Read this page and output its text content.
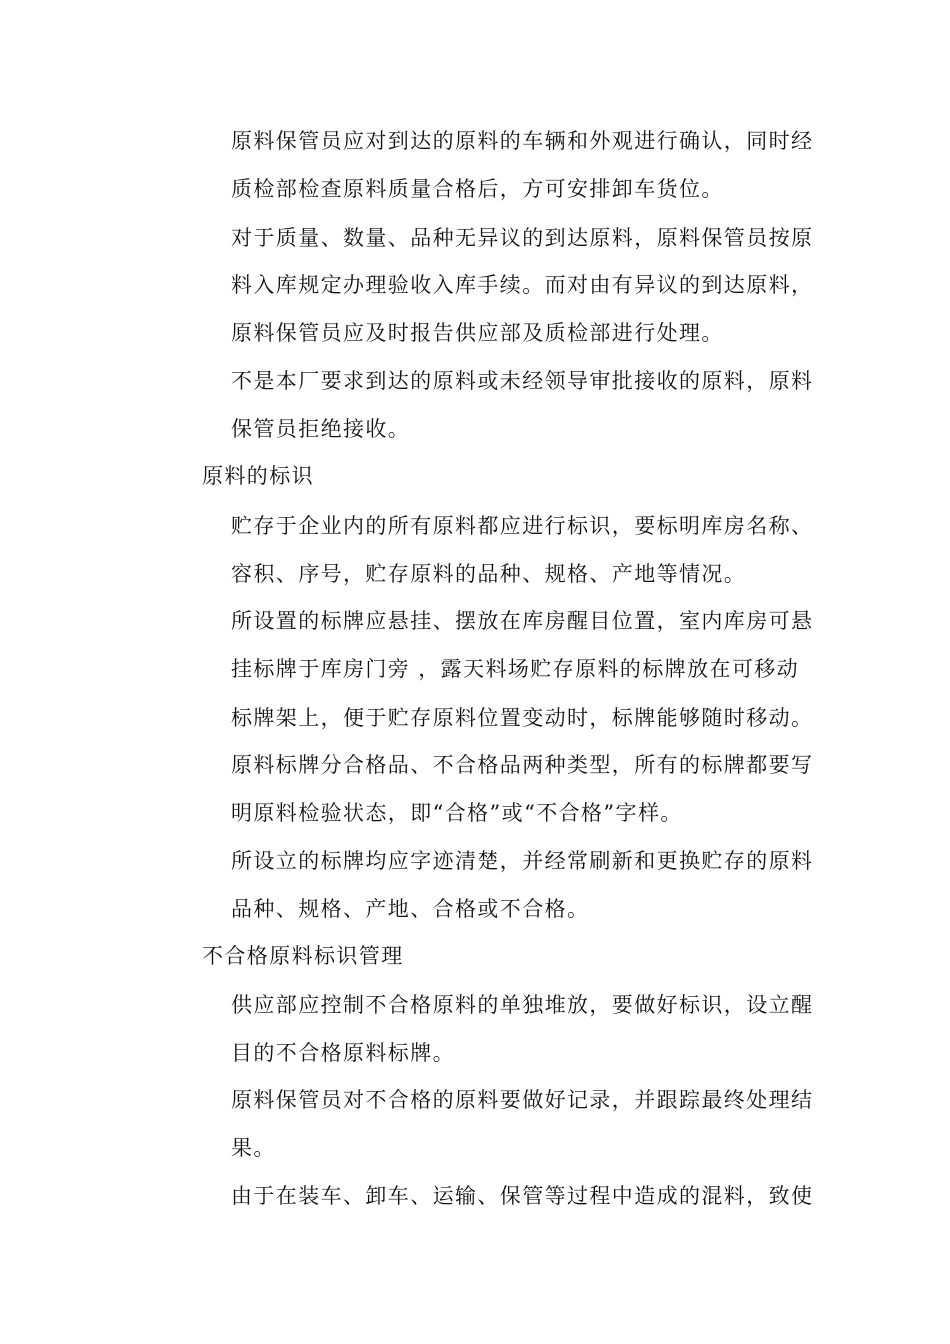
原料保管员应对到达的原料的车辆和外观进行确认，同时经
质检部检查原料质量合格后，方可安排卸车货位。
对于质量、数量、品种无异议的到达原料，原料保管员按原
料入库规定办理验收入库手续。而对由有异议的到达原料，
原料保管员应及时报告供应部及质检部进行处理。
不是本厂要求到达的原料或未经领导审批接收的原料，原料
保管员拒绝接收。
原料的标识
贮存于企业内的所有原料都应进行标识，要标明库房名称、
容积、序号，贮存原料的品种、规格、产地等情况。
所设置的标牌应悬挂、摆放在库房醒目位置，室内库房可悬
挂标牌于库房门旁 ，露天料场贮存原料的标牌放在可移动
标牌架上，便于贮存原料位置变动时，标牌能够随时移动。
原料标牌分合格品、不合格品两种类型，所有的标牌都要写
明原料检验状态，即“合格”或“不合格”字样。
所设立的标牌均应字迹清楚，并经常刷新和更换贮存的原料
品种、规格、产地、合格或不合格。
不合格原料标识管理
供应部应控制不合格原料的单独堆放，要做好标识，设立醒
目的不合格原料标牌。
原料保管员对不合格的原料要做好记录，并跟踪最终处理结
果。
由于在装车、卸车、运输、保管等过程中造成的混料，致使
